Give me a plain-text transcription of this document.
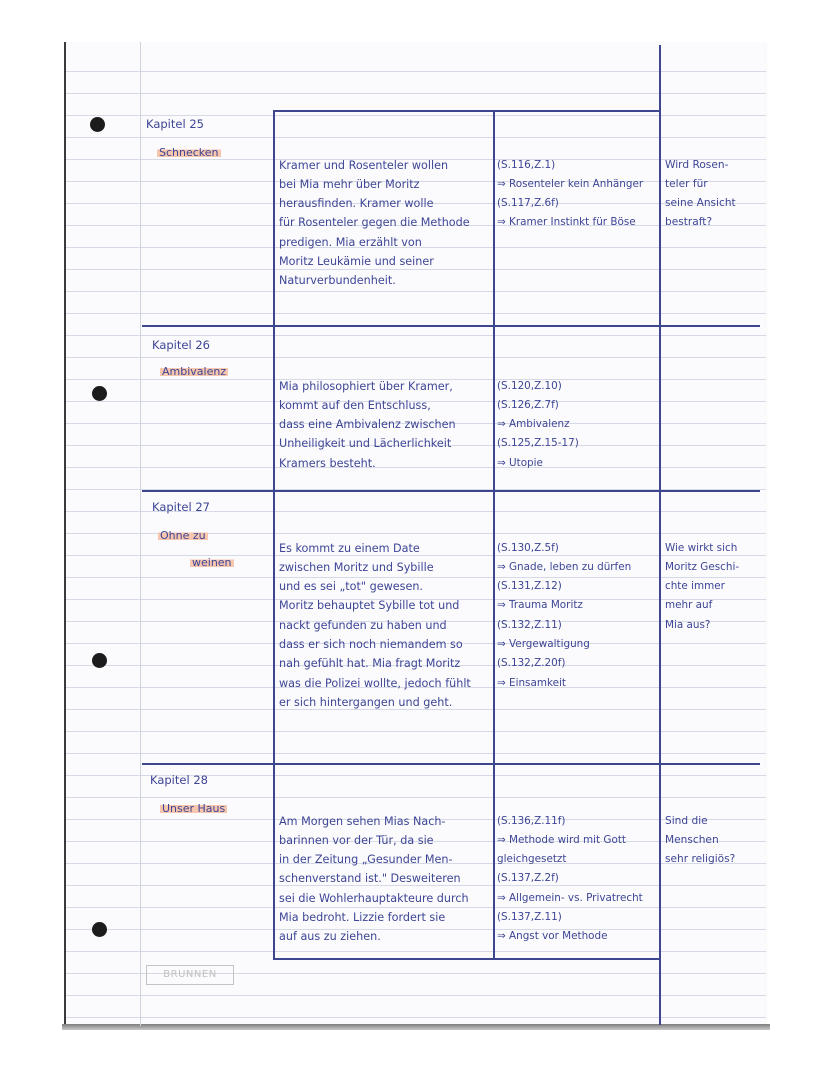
Kapitel 25
Schnecken

Kramer und Rosenteler wollen
bei Mia mehr über Moritz
herausfinden. Kramer wolle
für Rosenteler gegen die Methode
predigen. Mia erzählt von
Moritz Leukämie und seiner
Naturverbundenheit.

(S.116,Z.1)
⇒ Rosenteler kein Anhänger
(S.117,Z.6f)
⇒ Kramer Instinkt für Böse

Wird Rosen-
teler für
seine Ansicht
bestraft?

Kapitel 26
Ambivalenz

Mia philosophiert über Kramer,
kommt auf den Entschluss,
dass eine Ambivalenz zwischen
Unheiligkeit und Lächerlichkeit
Kramers besteht.

(S.120,Z.10)
(S.126,Z.7f)
⇒ Ambivalenz
(S.125,Z.15-17)
⇒ Utopie

Kapitel 27
Ohne zu
weinen

Es kommt zu einem Date
zwischen Moritz und Sybille
und es sei „tot" gewesen.
Moritz behauptet Sybille tot und
nackt gefunden zu haben und
dass er sich noch niemandem so
nah gefühlt hat. Mia fragt Moritz
was die Polizei wollte, jedoch fühlt
er sich hintergangen und geht.

(S.130,Z.5f)
⇒ Gnade, leben zu dürfen
(S.131,Z.12)
⇒ Trauma Moritz
(S.132,Z.11)
⇒ Vergewaltigung
(S.132,Z.20f)
⇒ Einsamkeit

Wie wirkt sich
Moritz Geschi-
chte immer
mehr auf
Mia aus?

Kapitel 28
Unser Haus

Am Morgen sehen Mias Nach-
barinnen vor der Tür, da sie
in der Zeitung „Gesunder Men-
schenverstand ist." Desweiteren
sei die Wohlerhauptakteure durch
Mia bedroht. Lizzie fordert sie
auf aus zu ziehen.

(S.136,Z.11f)
⇒ Methode wird mit Gott
gleichgesetzt
(S.137,Z.2f)
⇒ Allgemein- vs. Privatrecht
(S.137,Z.11)
⇒ Angst vor Methode

Sind die
Menschen
sehr religiös?

BRUNNEN
